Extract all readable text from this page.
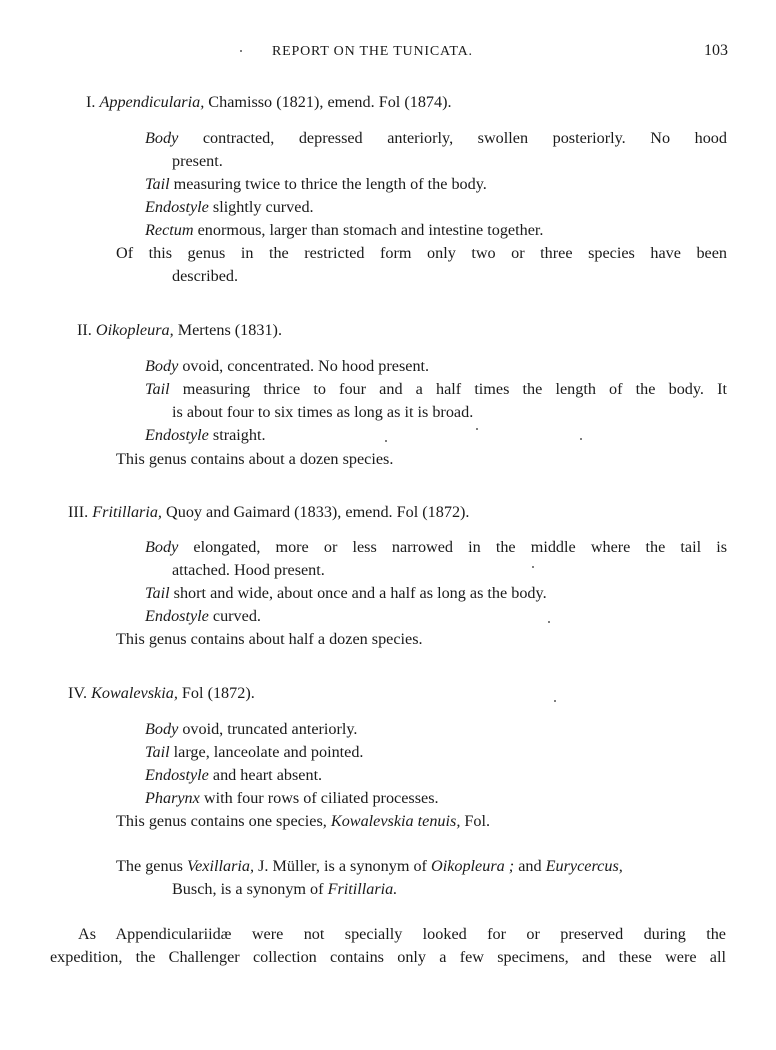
REPORT ON THE TUNICATA.	103
I. Appendicularia, Chamisso (1821), emend. Fol (1874).
Body contracted, depressed anteriorly, swollen posteriorly. No hood
present.
Tail measuring twice to thrice the length of the body.
Endostyle slightly curved.
Rectum enormous, larger than stomach and intestine together.
Of this genus in the restricted form only two or three species have been
described.
II. Oikopleura, Mertens (1831).
Body ovoid, concentrated. No hood present.
Tail measuring thrice to four and a half times the length of the body. It
is about four to six times as long as it is broad.
Endostyle straight.
This genus contains about a dozen species.
III. Fritillaria, Quoy and Gaimard (1833), emend. Fol (1872).
Body elongated, more or less narrowed in the middle where the tail is
attached. Hood present.
Tail short and wide, about once and a half as long as the body.
Endostyle curved.
This genus contains about half a dozen species.
IV. Kowalevskia, Fol (1872).
Body ovoid, truncated anteriorly.
Tail large, lanceolate and pointed.
Endostyle and heart absent.
Pharynx with four rows of ciliated processes.
This genus contains one species, Kowalevskia tenuis, Fol.
The genus Vexillaria, J. Müller, is a synonym of Oikopleura ; and Eurycercus,
Busch, is a synonym of Fritillaria.
As Appendiculariidæ were not specially looked for or preserved during the
expedition, the Challenger collection contains only a few specimens, and these were all
